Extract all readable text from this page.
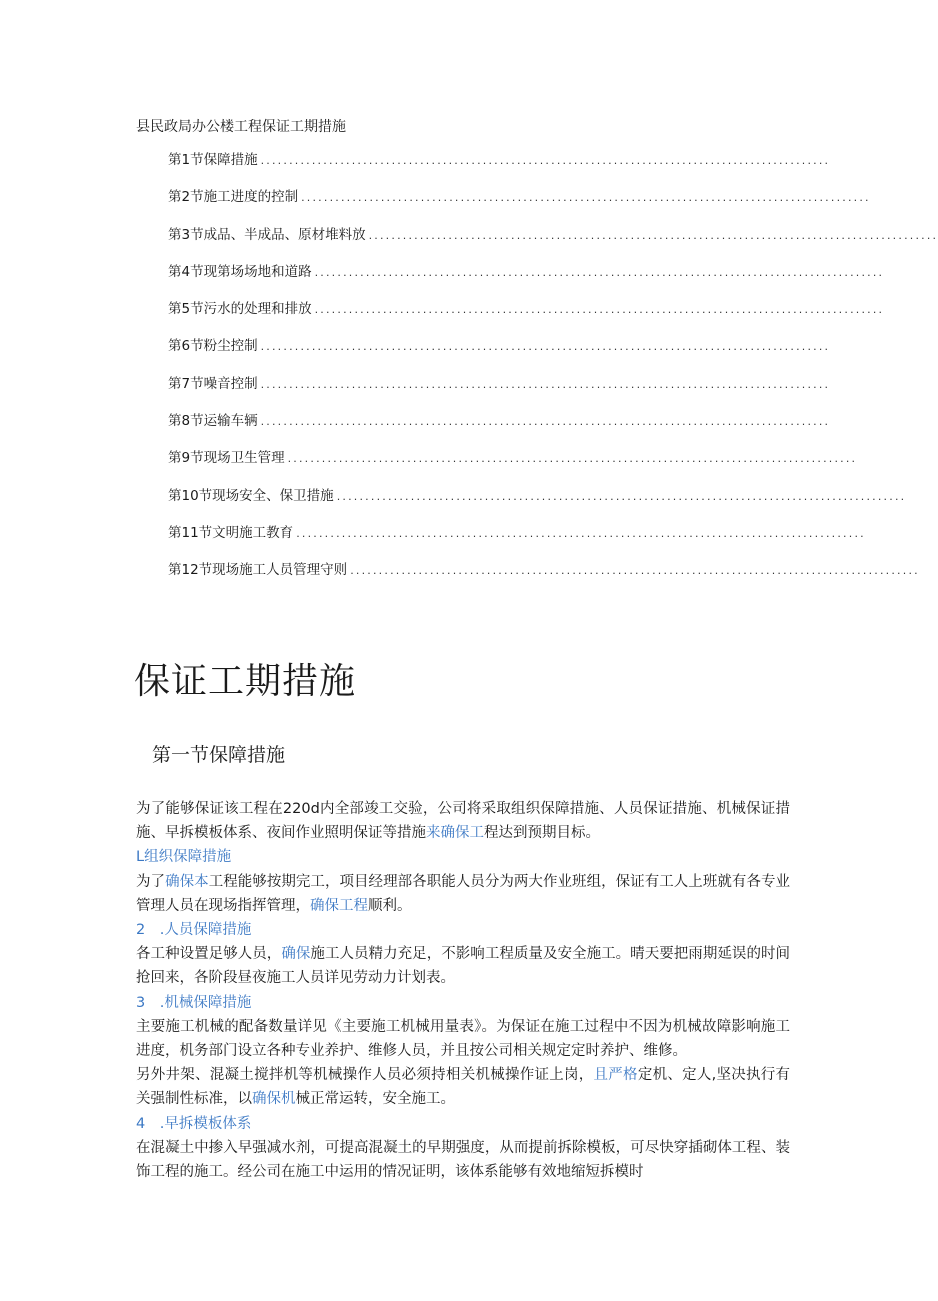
县民政局办公楼工程保证工期措施
第1节保障措施 ....................................................................................................
第2节施工进度的控制 ....................................................................................................
第3节成品、半成品、原材堆料放 ....................................................................................................
第4节现第场场地和道路 ....................................................................................................
第5节污水的处理和排放 ....................................................................................................
第6节粉尘控制 ....................................................................................................
第7节噪音控制 ....................................................................................................
第8节运输车辆 ....................................................................................................
第9节现场卫生管理 ....................................................................................................
第10节现场安全、保卫措施 ....................................................................................................
第11节文明施工教育 ....................................................................................................
第12节现场施工人员管理守则 ....................................................................................................
保证工期措施
第一节保障措施

为了能够保证该工程在220d内全部竣工交验，公司将采取组织保障措施、人员保证措施、机械保证措施、早拆模板体系、夜间作业照明保证等措施来确保工程达到预期目标。

L组织保障措施

为了确保本工程能够按期完工，项目经理部各职能人员分为两大作业班组，保证有工人上班就有各专业管理人员在现场指挥管理，确保工程顺利。

2　.人员保障措施

各工种设置足够人员，确保施工人员精力充足，不影响工程质量及安全施工。晴天要把雨期延误的时间抢回来，各阶段昼夜施工人员详见劳动力计划表。

3　.机械保障措施

主要施工机械的配备数量详见《主要施工机械用量表》。为保证在施工过程中不因为机械故障影响施工进度，机务部门设立各种专业养护、维修人员，并且按公司相关规定定时养护、维修。

另外井架、混凝土搅拌机等机械操作人员必须持相关机械操作证上岗，且严格定机、定人,坚决执行有关强制性标准，以确保机械正常运转，安全施工。

4　.早拆模板体系

在混凝土中掺入早强减水剂，可提高混凝土的早期强度，从而提前拆除模板，可尽快穿插砌体工程、装饰工程的施工。经公司在施工中运用的情况证明，该体系能够有效地缩短拆模时
